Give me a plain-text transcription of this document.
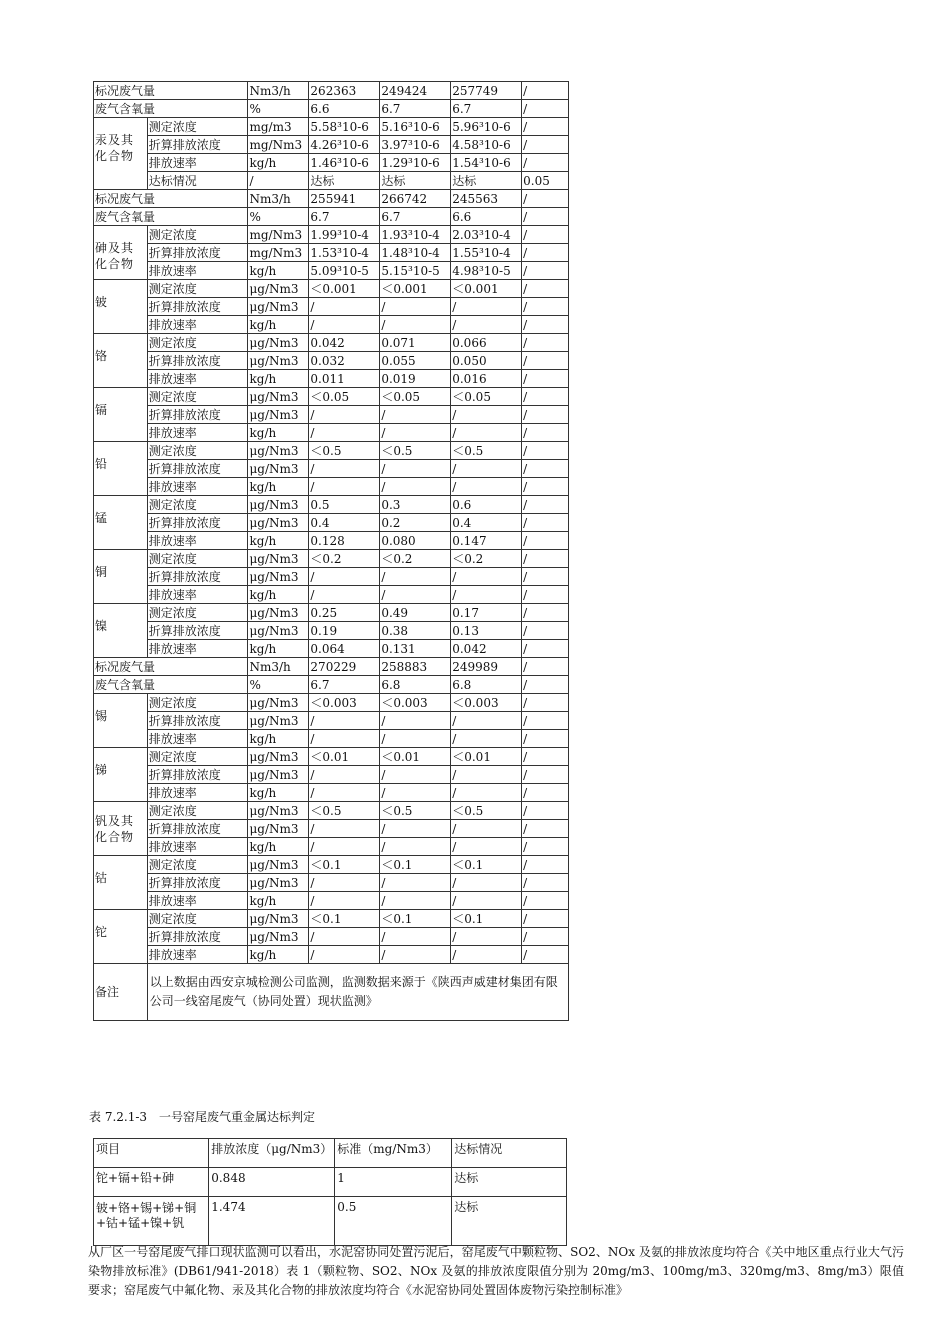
标况废气量		Nm3/h	262363	249424	257749	/
废气含氧量		%	6.6	6.7	6.7	/
汞及其化合物	测定浓度	mg/m3	5.58³10-6	5.16³10-6	5.96³10-6	/
	折算排放浓度	mg/Nm3	4.26³10-6	3.97³10-6	4.58³10-6	/
	排放速率	kg/h	1.46³10-6	1.29³10-6	1.54³10-6	/
	达标情况	/	达标	达标	达标	0.05
标况废气量		Nm3/h	255941	266742	245563	/
废气含氧量		%	6.7	6.7	6.6	/
砷及其化合物	测定浓度	mg/Nm3	1.99³10-4	1.93³10-4	2.03³10-4	/
	折算排放浓度	mg/Nm3	1.53³10-4	1.48³10-4	1.55³10-4	/
	排放速率	kg/h	5.09³10-5	5.15³10-5	4.98³10-5	/
铍	测定浓度	μg/Nm3	＜0.001	＜0.001	＜0.001	/
	折算排放浓度	μg/Nm3	/	/	/	/
	排放速率	kg/h	/	/	/	/
铬	测定浓度	μg/Nm3	0.042	0.071	0.066	/
	折算排放浓度	μg/Nm3	0.032	0.055	0.050	/
	排放速率	kg/h	0.011	0.019	0.016	/
镉	测定浓度	μg/Nm3	＜0.05	＜0.05	＜0.05	/
	折算排放浓度	μg/Nm3	/	/	/	/
	排放速率	kg/h	/	/	/	/
铅	测定浓度	μg/Nm3	＜0.5	＜0.5	＜0.5	/
	折算排放浓度	μg/Nm3	/	/	/	/
	排放速率	kg/h	/	/	/	/
锰	测定浓度	μg/Nm3	0.5	0.3	0.6	/
	折算排放浓度	μg/Nm3	0.4	0.2	0.4	/
	排放速率	kg/h	0.128	0.080	0.147	/
铜	测定浓度	μg/Nm3	＜0.2	＜0.2	＜0.2	/
	折算排放浓度	μg/Nm3	/	/	/	/
	排放速率	kg/h	/	/	/	/
镍	测定浓度	μg/Nm3	0.25	0.49	0.17	/
	折算排放浓度	μg/Nm3	0.19	0.38	0.13	/
	排放速率	kg/h	0.064	0.131	0.042	/
标况废气量		Nm3/h	270229	258883	249989	/
废气含氧量		%	6.7	6.8	6.8	/
锡	测定浓度	μg/Nm3	＜0.003	＜0.003	＜0.003	/
	折算排放浓度	μg/Nm3	/	/	/	/
	排放速率	kg/h	/	/	/	/
锑	测定浓度	μg/Nm3	＜0.01	＜0.01	＜0.01	/
	折算排放浓度	μg/Nm3	/	/	/	/
	排放速率	kg/h	/	/	/	/
钒及其化合物	测定浓度	μg/Nm3	＜0.5	＜0.5	＜0.5	/
	折算排放浓度	μg/Nm3	/	/	/	/
	排放速率	kg/h	/	/	/	/
钴	测定浓度	μg/Nm3	＜0.1	＜0.1	＜0.1	/
	折算排放浓度	μg/Nm3	/	/	/	/
	排放速率	kg/h	/	/	/	/
铊	测定浓度	μg/Nm3	＜0.1	＜0.1	＜0.1	/
	折算排放浓度	μg/Nm3	/	/	/	/
	排放速率	kg/h	/	/	/	/
备注	以上数据由西安京城检测公司监测，监测数据来源于《陕西声威建材集团有限公司一线窑尾废气（协同处置）现状监测》					
表 7.2.1-3　一号窑尾废气重金属达标判定
项目	排放浓度（μg/Nm3）	标准（mg/Nm3）	达标情况
铊+镉+铅+砷	0.848	1	达标
铍+铬+锡+锑+铜+钴+锰+镍+钒	1.474	0.5	达标
从厂区一号窑尾废气排口现状监测可以看出，水泥窑协同处置污泥后，窑尾废气中颗粒物、SO2、NOx 及氨的排放浓度均符合《关中地区重点行业大气污染物排放标准》(DB61/941-2018）表 1（颗粒物、SO2、NOx 及氨的排放浓度限值分别为 20mg/m3、100mg/m3、320mg/m3、8mg/m3）限值要求；窑尾废气中氟化物、汞及其化合物的排放浓度均符合《水泥窑协同处置固体废物污染控制标准》
